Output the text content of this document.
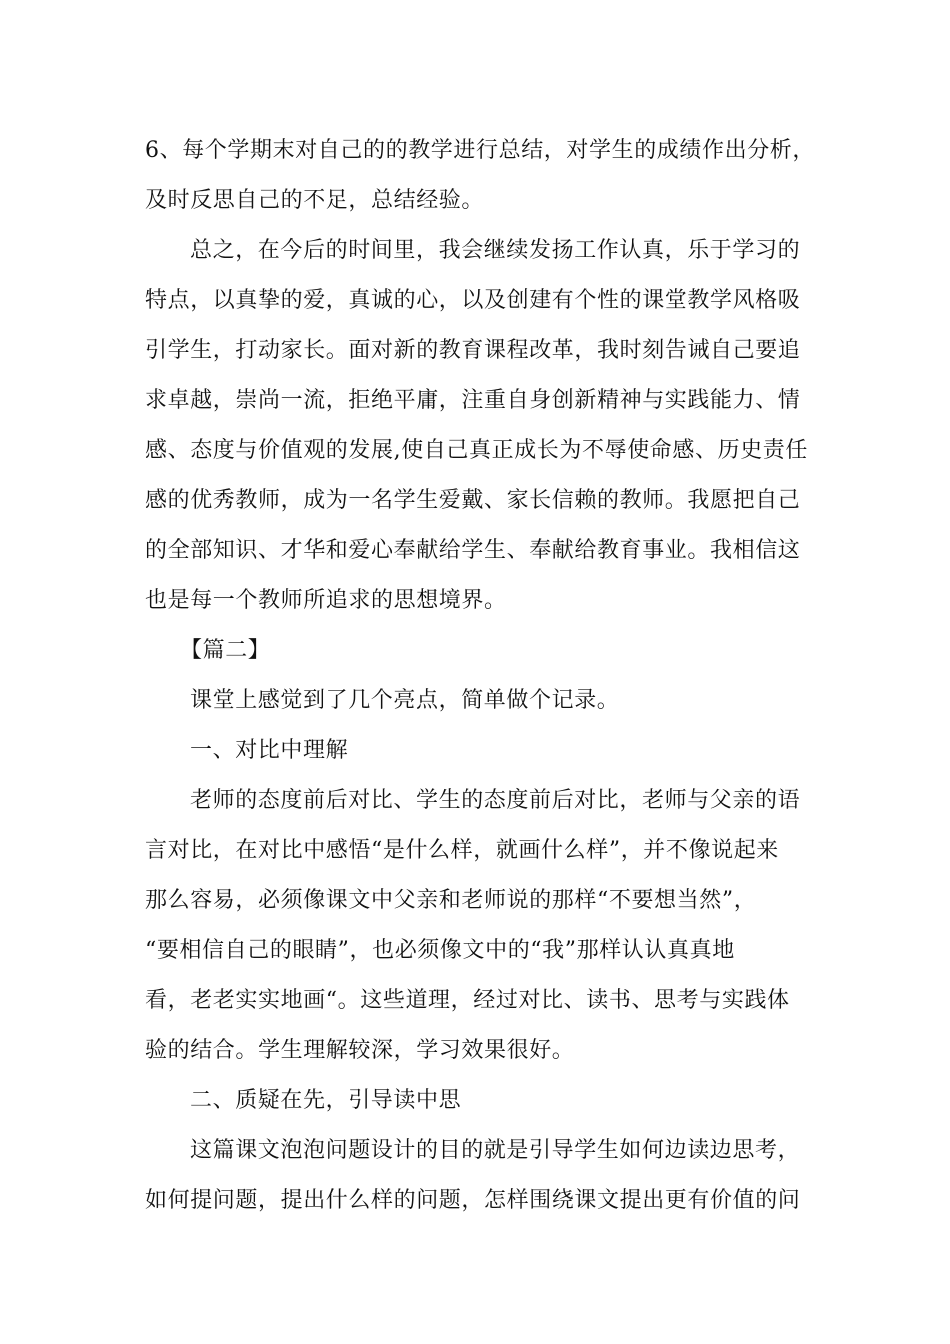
6、每个学期末对自己的的教学进行总结，对学生的成绩作出分析，
及时反思自己的不足，总结经验。
总之，在今后的时间里，我会继续发扬工作认真，乐于学习的
特点，以真挚的爱，真诚的心，以及创建有个性的课堂教学风格吸
引学生，打动家长。面对新的教育课程改革，我时刻告诫自己要追
求卓越，崇尚一流，拒绝平庸，注重自身创新精神与实践能力、情
感、态度与价值观的发展,使自己真正成长为不辱使命感、历史责任
感的优秀教师，成为一名学生爱戴、家长信赖的教师。我愿把自己
的全部知识、才华和爱心奉献给学生、奉献给教育事业。我相信这
也是每一个教师所追求的思想境界。
【篇二】
课堂上感觉到了几个亮点，简单做个记录。
一、对比中理解
老师的态度前后对比、学生的态度前后对比，老师与父亲的语
言对比，在对比中感悟“是什么样，就画什么样”，并不像说起来
那么容易，必须像课文中父亲和老师说的那样“不要想当然”，
“要相信自己的眼睛”，也必须像文中的“我”那样认认真真地
看，老老实实地画“。这些道理，经过对比、读书、思考与实践体
验的结合。学生理解较深，学习效果很好。
二、质疑在先，引导读中思
这篇课文泡泡问题设计的目的就是引导学生如何边读边思考，
如何提问题，提出什么样的问题，怎样围绕课文提出更有价值的问
